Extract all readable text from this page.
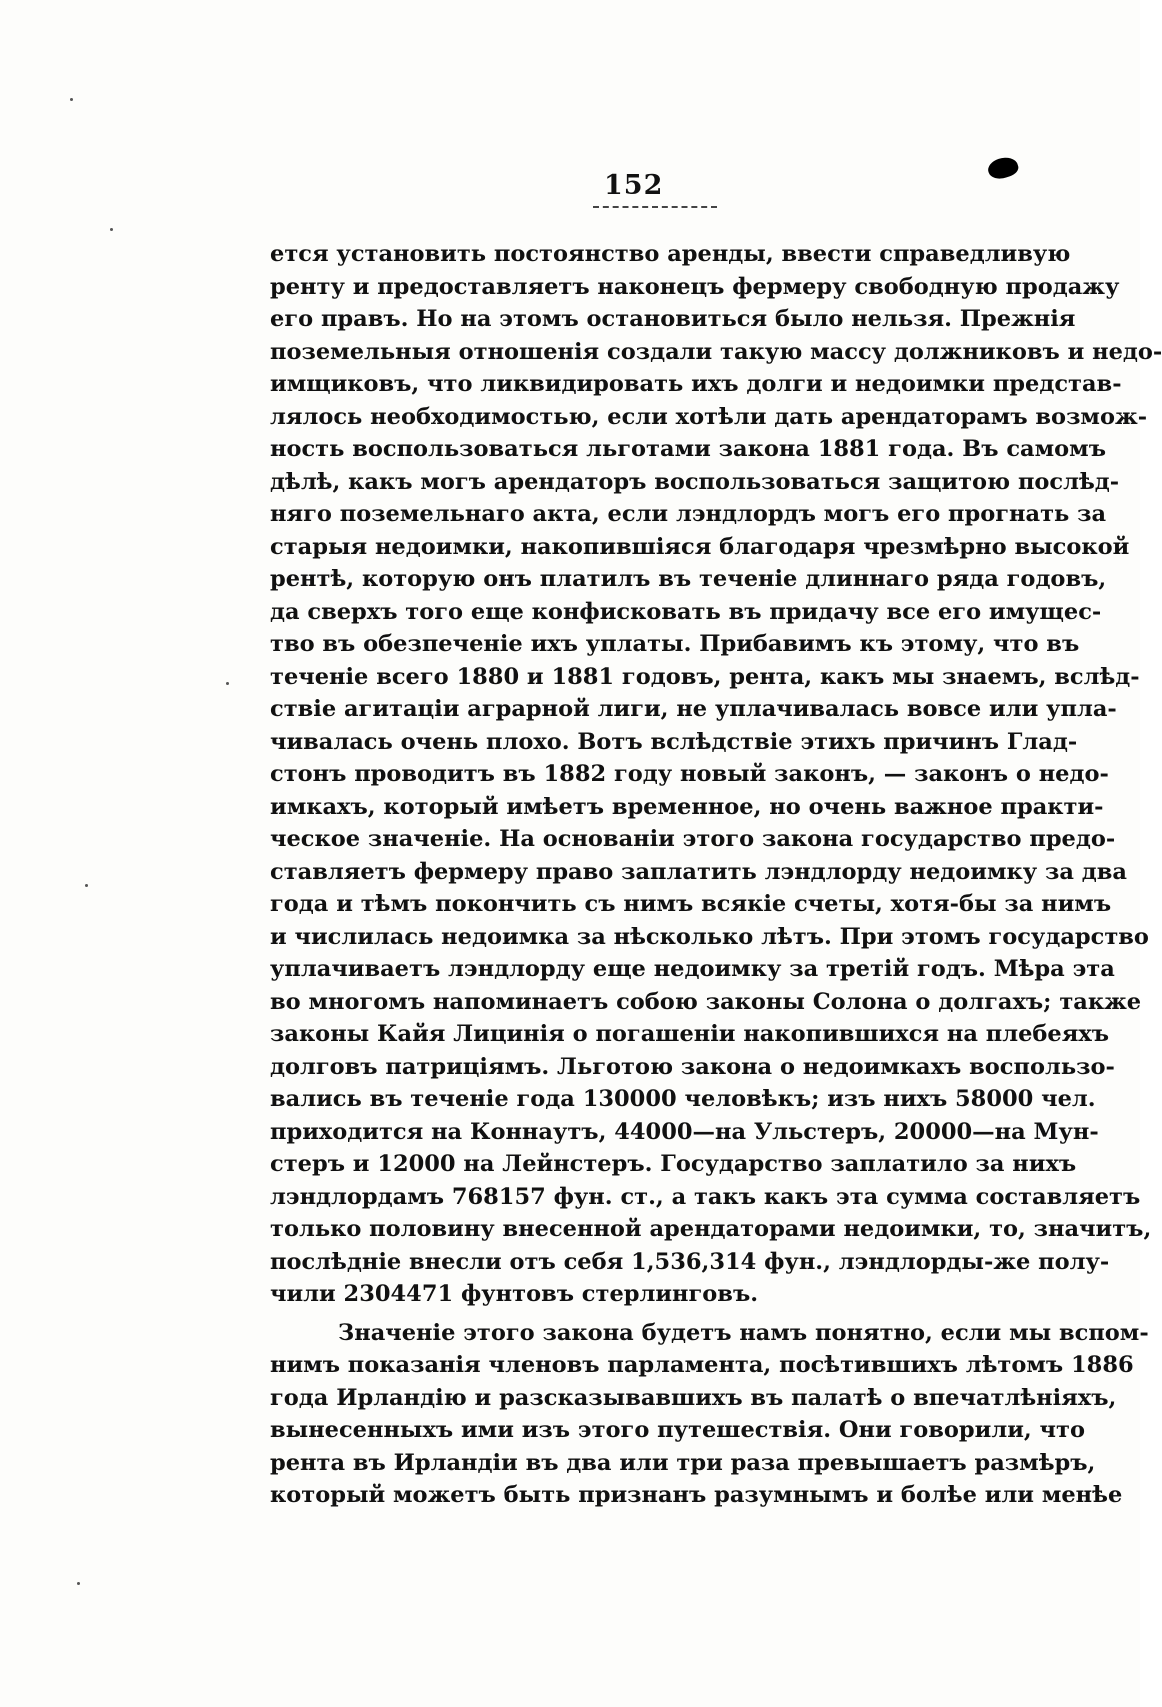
152
ется установить постоянство аренды, ввести справедливую
ренту и предоставляетъ наконецъ фермеру свободную продажу
его правъ. Но на этомъ остановиться было нельзя. Прежнія
поземельныя отношенія создали такую массу должниковъ и недо-
имщиковъ, что ликвидировать ихъ долги и недоимки представ-
лялось необходимостью, если хотѣли дать арендаторамъ возмож-
ность воспользоваться льготами закона 1881 года. Въ самомъ
дѣлѣ, какъ могъ арендаторъ воспользоваться защитою послѣд-
няго поземельнаго акта, если лэндлордъ могъ его прогнать за
старыя недоимки, накопившіяся благодаря чрезмѣрно высокой
рентѣ, которую онъ платилъ въ теченіе длиннаго ряда годовъ,
да сверхъ того еще конфисковать въ придачу все его имущес-
тво въ обезпеченіе ихъ уплаты. Прибавимъ къ этому, что въ
теченіе всего 1880 и 1881 годовъ, рента, какъ мы знаемъ, вслѣд-
ствіе агитаціи аграрной лиги, не уплачивалась вовсе или упла-
чивалась очень плохо. Вотъ вслѣдствіе этихъ причинъ Глад-
стонъ проводитъ въ 1882 году новый законъ, — законъ о недо-
имкахъ, который имѣетъ временное, но очень важное практи-
ческое значеніе. На основаніи этого закона государство предо-
ставляетъ фермеру право заплатить лэндлорду недоимку за два
года и тѣмъ покончить съ нимъ всякіе счеты, хотя-бы за нимъ
и числилась недоимка за нѣсколько лѣтъ. При этомъ государство
уплачиваетъ лэндлорду еще недоимку за третій годъ. Мѣра эта
во многомъ напоминаетъ собою законы Солона о долгахъ; также
законы Кайя Лицинія о погашеніи накопившихся на плебеяхъ
долговъ патриціямъ. Льготою закона о недоимкахъ воспользо-
вались въ теченіе года 130000 человѣкъ; изъ нихъ 58000 чел.
приходится на Коннаутъ, 44000—на Ульстеръ, 20000—на Мун-
стеръ и 12000 на Лейнстеръ. Государство заплатило за нихъ
лэндлордамъ 768157 фун. ст., а такъ какъ эта сумма составляетъ
только половину внесенной арендаторами недоимки, то, значитъ,
послѣдніе внесли отъ себя 1,536,314 фун., лэндлорды-же полу-
чили 2304471 фунтовъ стерлинговъ.
Значеніе этого закона будетъ намъ понятно, если мы вспом-
нимъ показанія членовъ парламента, посѣтившихъ лѣтомъ 1886
года Ирландію и разсказывавшихъ въ палатѣ о впечатлѣніяхъ,
вынесенныхъ ими изъ этого путешествія. Они говорили, что
рента въ Ирландіи въ два или три раза превышаетъ размѣръ,
который можетъ быть признанъ разумнымъ и болѣе или менѣе
